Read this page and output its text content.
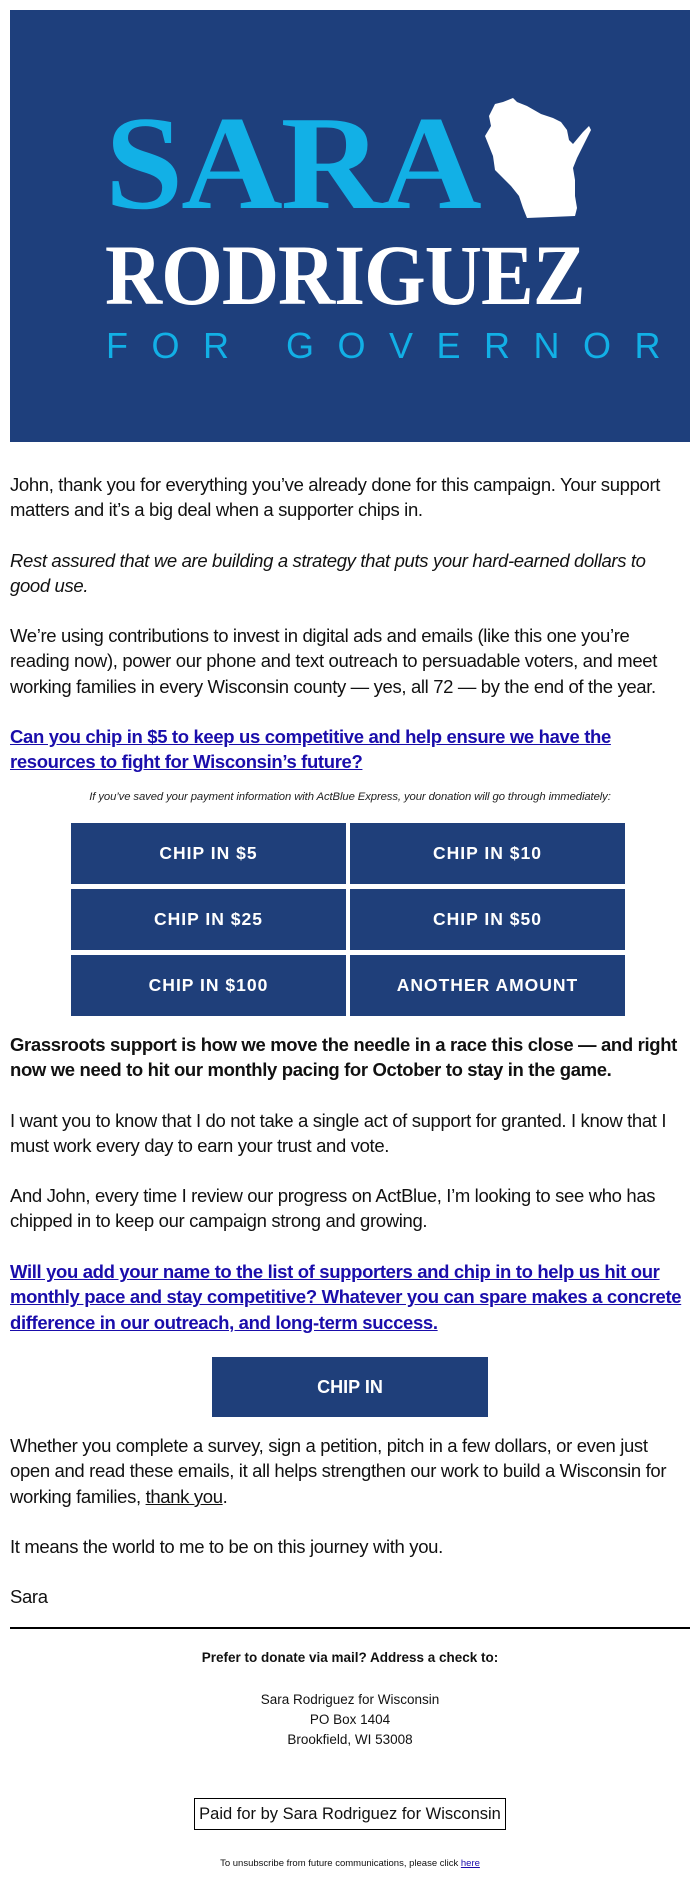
SARA
RODRIGUEZ
FOR GOVERNOR

John, thank you for everything you’ve already done for this campaign. Your support matters and it’s a big deal when a supporter chips in.

Rest assured that we are building a strategy that puts your hard-earned dollars to good use.

We’re using contributions to invest in digital ads and emails (like this one you’re reading now), power our phone and text outreach to persuadable voters, and meet working families in every Wisconsin county — yes, all 72 — by the end of the year.

Can you chip in $5 to keep us competitive and help ensure we have the resources to fight for Wisconsin’s future?
If you’ve saved your payment information with ActBlue Express, your donation will go through immediately:
CHIP IN $5	CHIP IN $10
CHIP IN $25	CHIP IN $50
CHIP IN $100	ANOTHER AMOUNT

Grassroots support is how we move the needle in a race this close — and right now we need to hit our monthly pacing for October to stay in the game.

I want you to know that I do not take a single act of support for granted. I know that I must work every day to earn your trust and vote.

And John, every time I review our progress on ActBlue, I’m looking to see who has chipped in to keep our campaign strong and growing.

Will you add your name to the list of supporters and chip in to help us hit our monthly pace and stay competitive? Whatever you can spare makes a concrete difference in our outreach, and long-term success.
CHIP IN

Whether you complete a survey, sign a petition, pitch in a few dollars, or even just open and read these emails, it all helps strengthen our work to build a Wisconsin for working families, thank you.

It means the world to me to be on this journey with you.

Sara

Prefer to donate via mail? Address a check to:
Sara Rodriguez for Wisconsin
PO Box 1404
Brookfield, WI 53008
Paid for by Sara Rodriguez for Wisconsin
To unsubscribe from future communications, please click here
